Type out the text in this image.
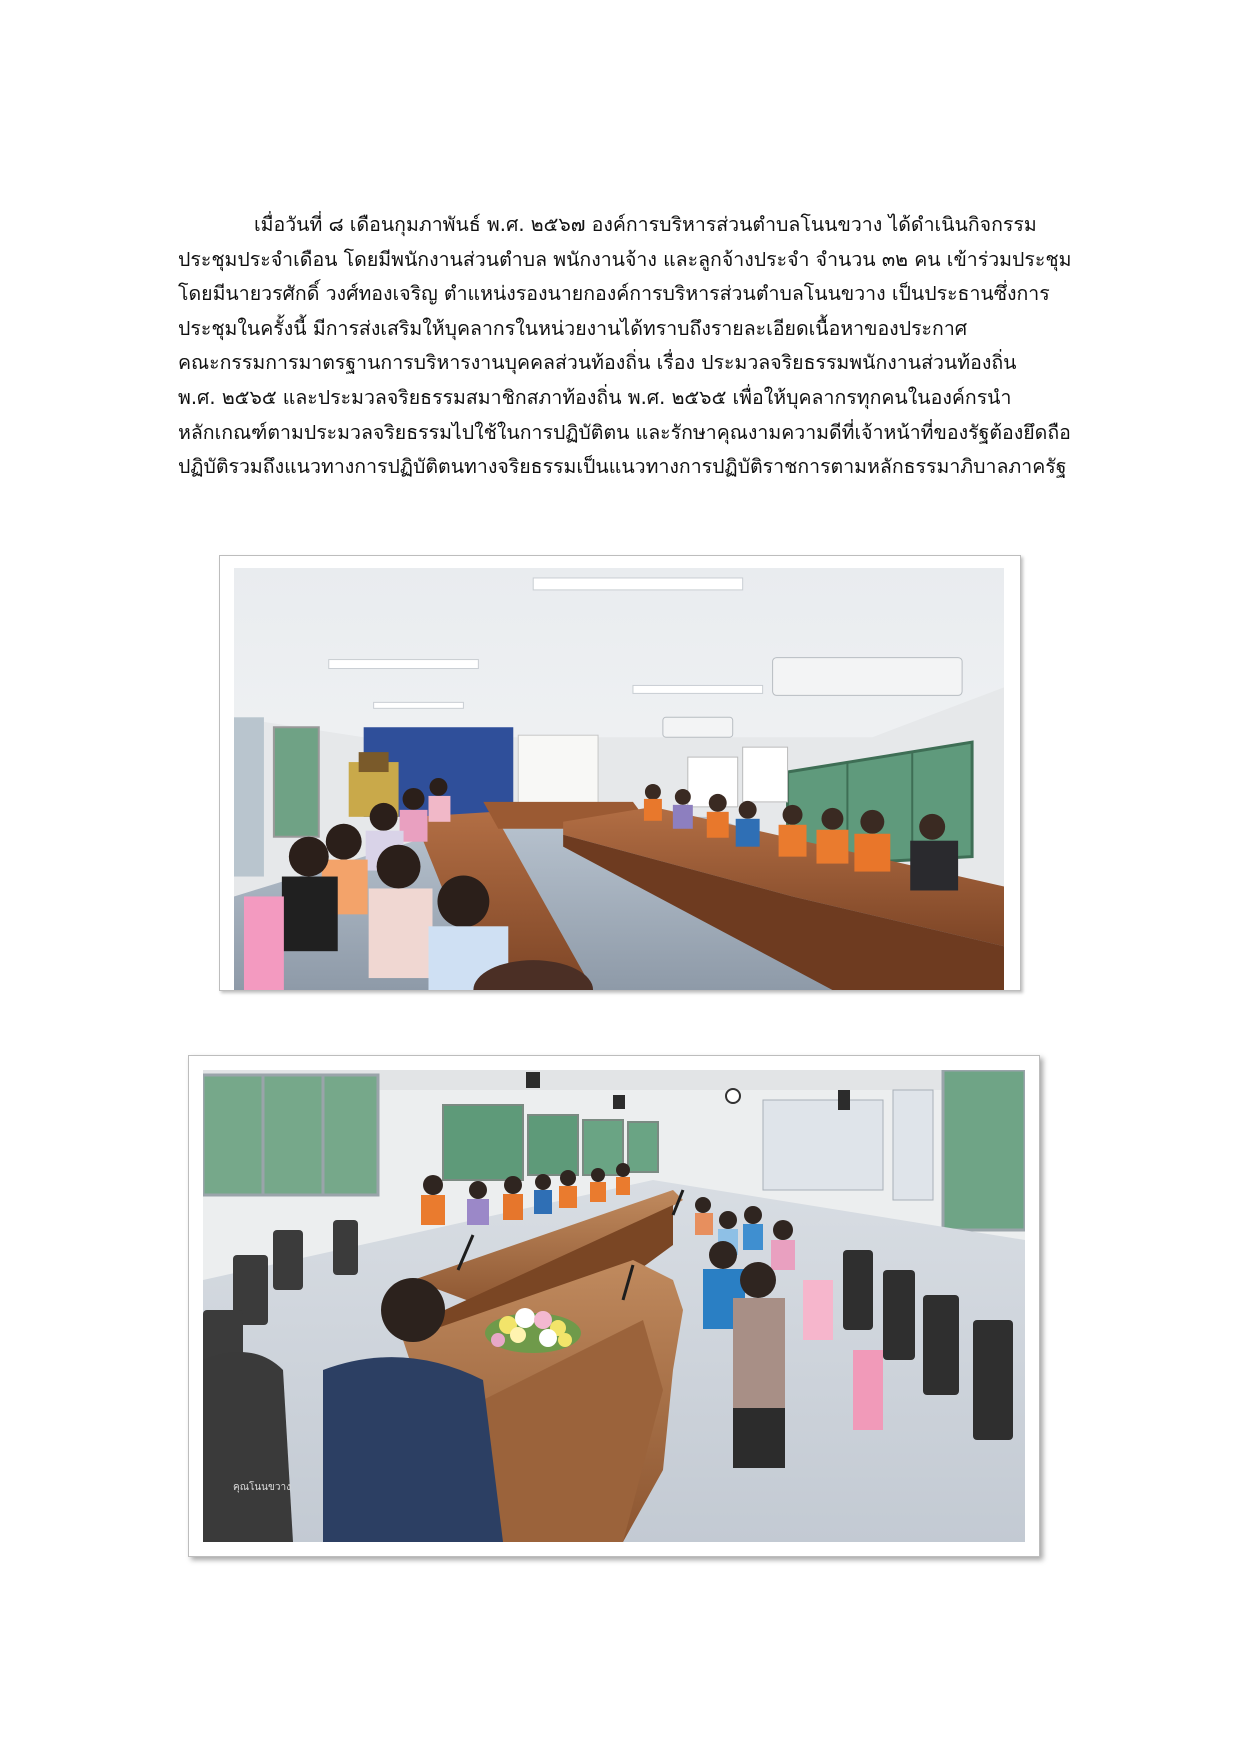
เมื่อวันที่ ๘ เดือนกุมภาพันธ์ พ.ศ. ๒๕๖๗ องค์การบริหารส่วนตำบลโนนขวาง ได้ดำเนินกิจกรรม
ประชุมประจำเดือน โดยมีพนักงานส่วนตำบล พนักงานจ้าง และลูกจ้างประจำ จำนวน ๓๒ คน เข้าร่วมประชุม
โดยมีนายวรศักดิ์ วงศ์ทองเจริญ ตำแหน่งรองนายกองค์การบริหารส่วนตำบลโนนขวาง เป็นประธานซึ่งการ
ประชุมในครั้งนี้ มีการส่งเสริมให้บุคลากรในหน่วยงานได้ทราบถึงรายละเอียดเนื้อหาของประกาศ
คณะกรรมการมาตรฐานการบริหารงานบุคคลส่วนท้องถิ่น เรื่อง ประมวลจริยธรรมพนักงานส่วนท้องถิ่น
พ.ศ. ๒๕๖๕ และประมวลจริยธรรมสมาชิกสภาท้องถิ่น พ.ศ. ๒๕๖๕ เพื่อให้บุคลากรทุกคนในองค์กรนำ
หลักเกณฑ์ตามประมวลจริยธรรมไปใช้ในการปฏิบัติตน และรักษาคุณงามความดีที่เจ้าหน้าที่ของรัฐต้องยึดถือ
ปฏิบัติรวมถึงแนวทางการปฏิบัติตนทางจริยธรรมเป็นแนวทางการปฏิบัติราชการตามหลักธรรมาภิบาลภาครัฐ

คุณโนนขวาง
